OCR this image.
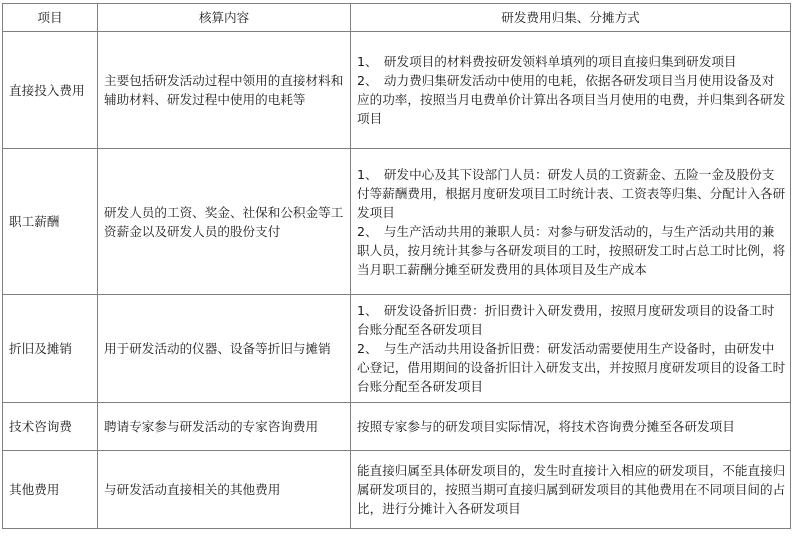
项目	核算内容	研发费用归集、分摊方式
直接投入费用	主要包括研发活动过程中领用的直接材料和辅助材料、研发过程中使用的电耗等	1、　研发项目的材料费按研发领料单填列的项目直接归集到研发项目

2、　动力费归集研发活动中使用的电耗，依据各研发项目当月使用设备及对应的功率，按照当月电费单价计算出各项目当月使用的电费，并归集到各研发项目

职工薪酬	研发人员的工资、奖金、社保和公积金等工资薪金以及研发人员的股份支付	1、　研发中心及其下设部门人员：研发人员的工资薪金、五险一金及股份支付等薪酬费用，根据月度研发项目工时统计表、工资表等归集、分配计入各研发项目

2、　与生产活动共用的兼职人员：对参与研发活动的，与生产活动共用的兼职人员，按月统计其参与各研发项目的工时，按照研发工时占总工时比例，将当月职工薪酬分摊至研发费用的具体项目及生产成本

折旧及摊销	用于研发活动的仪器、设备等折旧与摊销	1、　研发设备折旧费：折旧费计入研发费用，按照月度研发项目的设备工时台账分配至各研发项目

2、　与生产活动共用设备折旧费：研发活动需要使用生产设备时，由研发中心登记，借用期间的设备折旧计入研发支出，并按照月度研发项目的设备工时台账分配至各研发项目

技术咨询费	聘请专家参与研发活动的专家咨询费用	按照专家参与的研发项目实际情况，将技术咨询费分摊至各研发项目

其他费用	与研发活动直接相关的其他费用	能直接归属至具体研发项目的，发生时直接计入相应的研发项目，不能直接归属研发项目的，按照当期可直接归属到研发项目的其他费用在不同项目间的占比，进行分摊计入各研发项目
